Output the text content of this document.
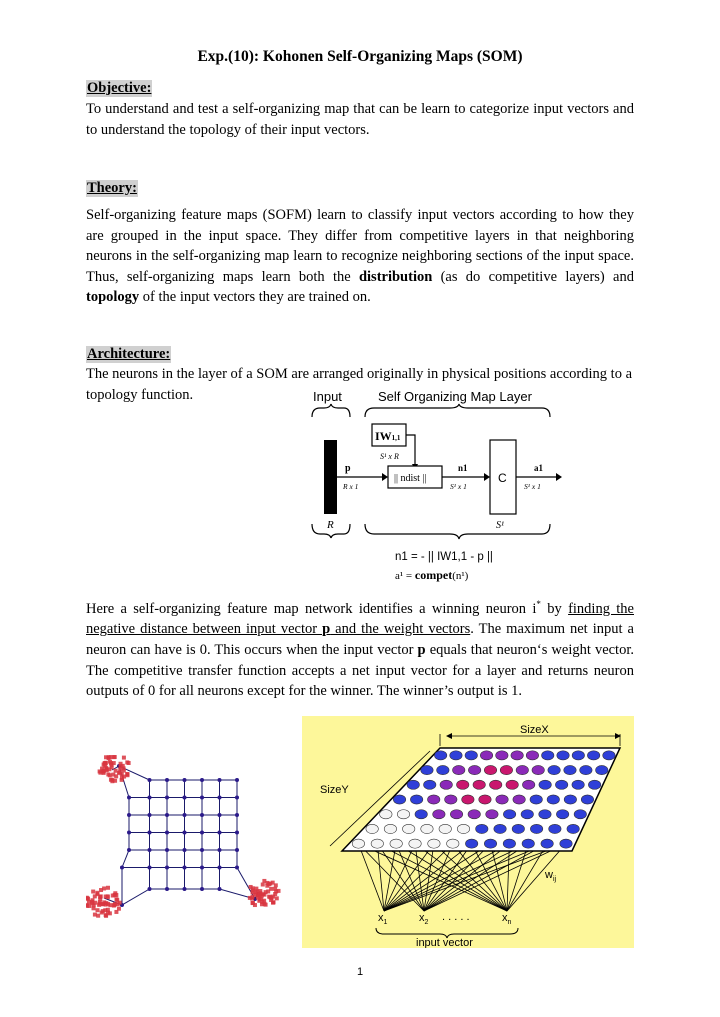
Exp.(10): Kohonen Self-Organizing Maps (SOM)
Objective:

To understand and test a self-organizing map that can be learn to categorize input vectors and to understand the topology of their input vectors.

Theory:

Self-organizing feature maps (SOFM) learn to classify input vectors according to how they are grouped in the input space. They differ from competitive layers in that neighboring neurons in the self-organizing map learn to recognize neighboring sections of the input space. Thus, self-organizing maps learn both the distribution (as do competitive layers) and topology of the input vectors they are trained on.

Architecture:

The neurons in the layer of a SOM are arranged originally in physical positions according to a topology function.	Input	Self Organizing Map Layer
IW1,1
S¹ x R
p
R x 1
|| ndist ||
n1
S¹ x 1
C
a1
S¹ x 1
R	S¹
n1 = - || IW1,1 - p ||
a¹ = compet(n¹)

Here a self-organizing feature map network identifies a winning neuron i* by finding the negative distance between input vector p and the weight vectors. The maximum net input a neuron can have is 0. This occurs when the input vector p equals that neuron‘s weight vector. The competitive transfer function accepts a net input vector for a layer and returns neuron outputs of 0 for all neurons except for the winner. The winner’s output is 1.

SizeX
SizeY
$w_{ij}$
$x_1$	$x_2$ . . . . .	$x_n$
input vector
1
